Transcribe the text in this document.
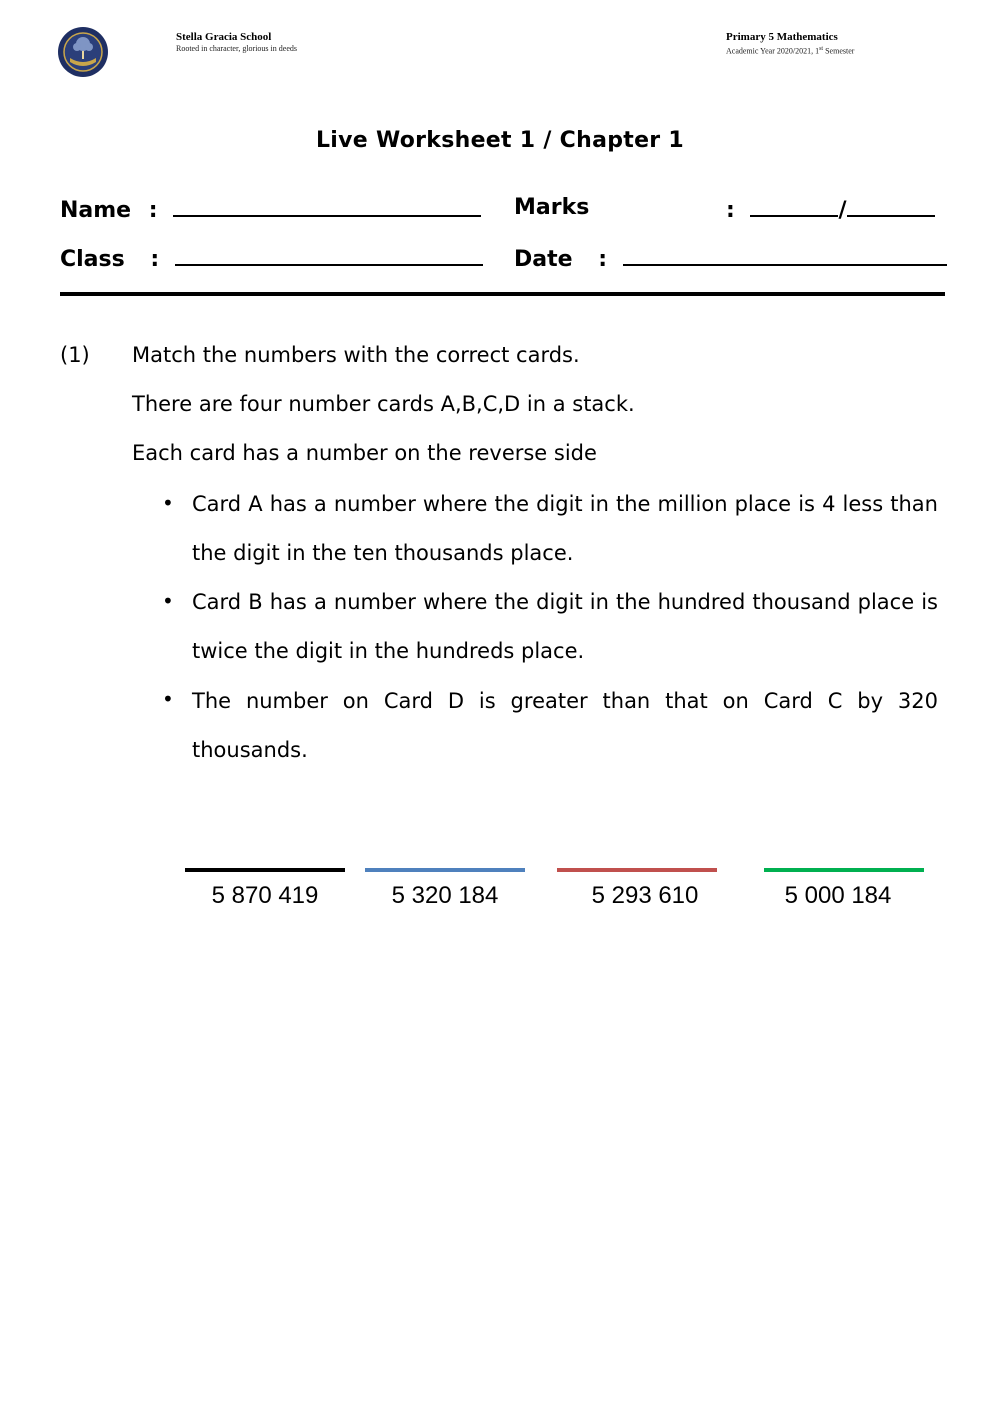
Stella Gracia School
Rooted in character, glorious in deeds
Primary 5 Mathematics
Academic Year 2020/2021, 1st Semester
Live Worksheet 1 / Chapter 1
Name :	Marks	:	/
Class :	Date :
(1) Match the numbers with the correct cards.
There are four number cards A,B,C,D in a stack.
Each card has a number on the reverse side
• Card A has a number where the digit in the million place is 4 less than the digit in the ten thousands place.
• Card B has a number where the digit in the hundred thousand place is twice the digit in the hundreds place.
• The number on Card D is greater than that on Card C by 320 thousands.
5 870 419	5 320 184	5 293 610	5 000 184
